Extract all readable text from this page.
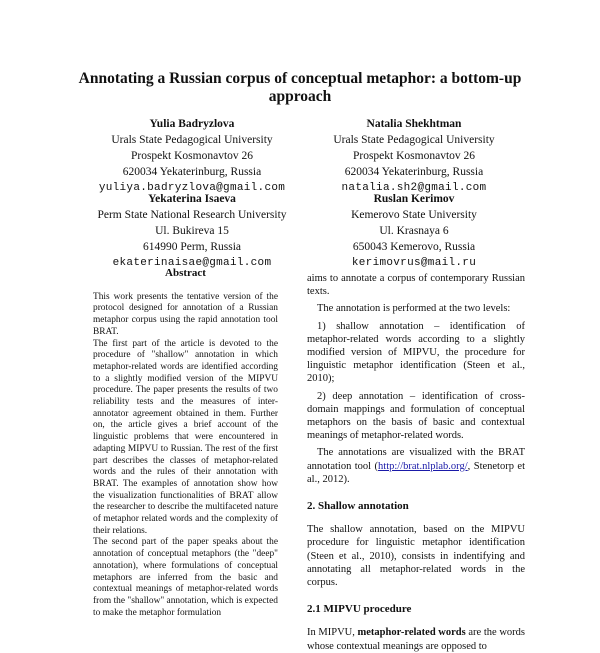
Annotating a Russian corpus of conceptual metaphor: a bottom-up approach
Yulia Badryzlova
Urals State Pedagogical University
Prospekt Kosmonavtov 26
620034 Yekaterinburg, Russia
yuliya.badryzlova@gmail.com
Natalia Shekhtman
Urals State Pedagogical University
Prospekt Kosmonavtov 26
620034 Yekaterinburg, Russia
natalia.sh2@gmail.com
Yekaterina Isaeva
Perm State National Research University
Ul. Bukireva 15
614990 Perm, Russia
ekaterinaisae@gmail.com
Ruslan Kerimov
Kemerovo State University
Ul. Krasnaya 6
650043 Kemerovo, Russia
kerimovrus@mail.ru
Abstract

This work presents the tentative version of the protocol designed for annotation of a Russian metaphor corpus using the rapid annotation tool BRAT.

The first part of the article is devoted to the procedure of "shallow" annotation in which metaphor-related words are identified according to a slightly modified version of the MIPVU procedure. The paper presents the results of two reliability tests and the measures of inter-annotator agreement obtained in them. Further on, the article gives a brief account of the linguistic problems that were encountered in adapting MIPVU to Russian. The rest of the first part describes the classes of metaphor-related words and the rules of their annotation with BRAT. The examples of annotation show how the visualization functionalities of BRAT allow the researcher to describe the multifaceted nature of metaphor related words and the complexity of their relations.

The second part of the paper speaks about the annotation of conceptual metaphors (the "deep" annotation), where formulations of conceptual metaphors are inferred from the basic and contextual meanings of metaphor-related words from the "shallow" annotation, which is expected to make the metaphor formulation

aims to annotate a corpus of contemporary Russian texts.

The annotation is performed at the two levels:

1) shallow annotation – identification of metaphor-related words according to a slightly modified version of MIPVU, the procedure for linguistic metaphor identification (Steen et al., 2010);

2) deep annotation – identification of cross-domain mappings and formulation of conceptual metaphors on the basis of basic and contextual meanings of metaphor-related words.

The annotations are visualized with the BRAT annotation tool (http://brat.nlplab.org/, Stenetorp et al., 2012).

2. Shallow annotation

The shallow annotation, based on the MIPVU procedure for linguistic metaphor identification (Steen et al., 2010), consists in indentifying and annotating all metaphor-related words in the corpus.

2.1 MIPVU procedure

In MIPVU, metaphor-related words are the words whose contextual meanings are opposed to
